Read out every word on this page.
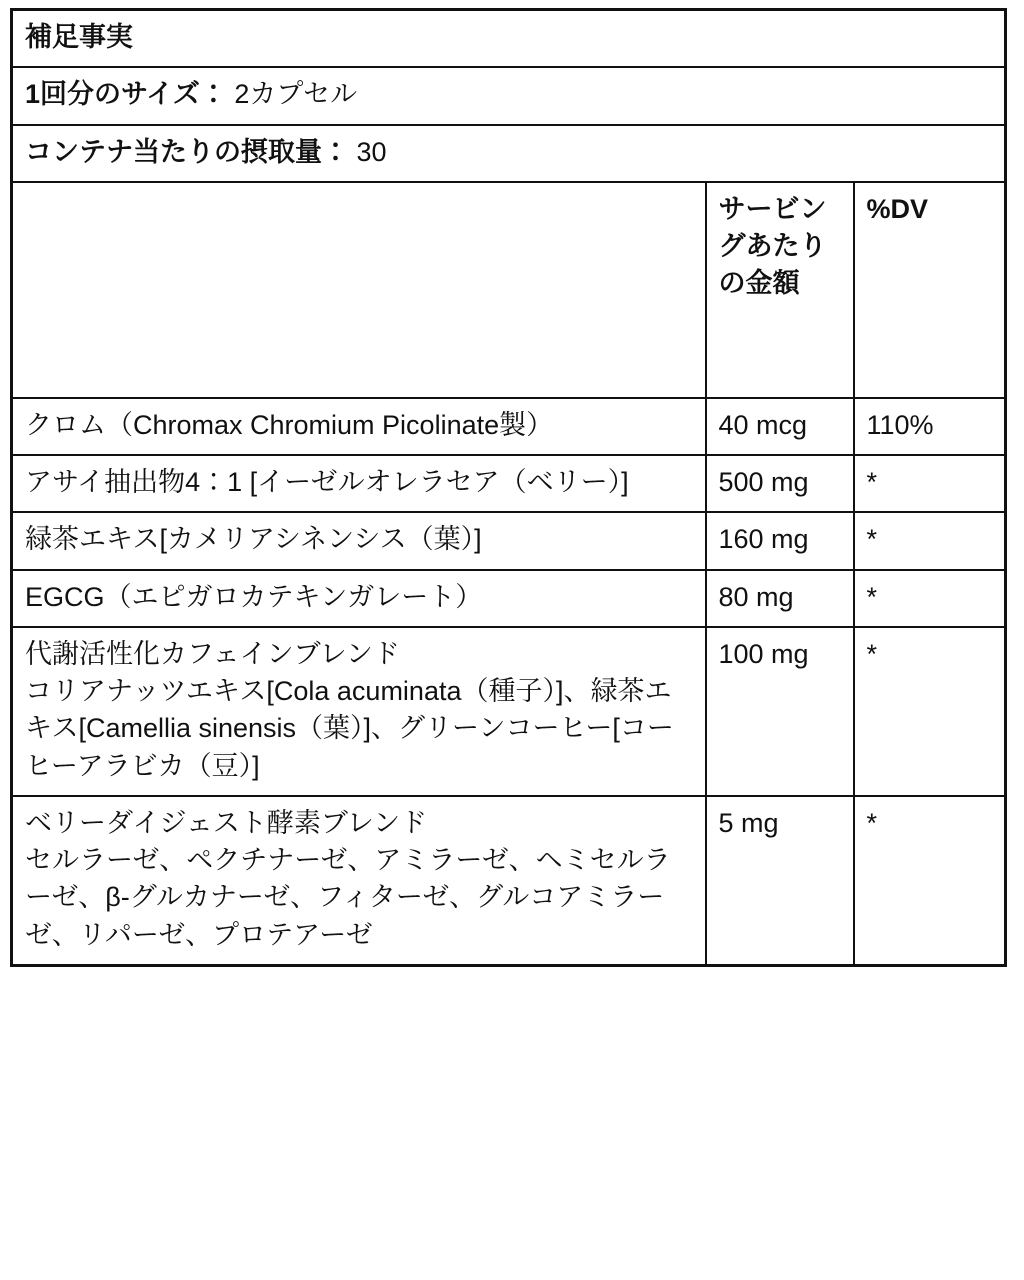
補足事実		
1回分のサイズ： 2カプセル		
コンテナ当たりの摂取量： 30		
	サービングあたりの金額	%DV
クロム（Chromax Chromium Picolinate製）	40 mcg	110%
アサイ抽出物4：1 [イーゼルオレラセア（ベリー）]	500 mg	*
緑茶エキス[カメリアシネンシス（葉）]	160 mg	*
EGCG（エピガロカテキンガレート）	80 mg	*

代謝活性化カフェインブレンド
コリアナッツエキス[Cola acuminata（種子）]、緑茶エキス[Camellia sinensis（葉）]、グリーンコーヒー[コーヒーアラビカ（豆）]	100 mg	*

ベリーダイジェスト酵素ブレンド
セルラーゼ、ペクチナーゼ、アミラーゼ、ヘミセルラーゼ、β-グルカナーゼ、フィターゼ、グルコアミラーゼ、リパーゼ、プロテアーゼ	5 mg	*
